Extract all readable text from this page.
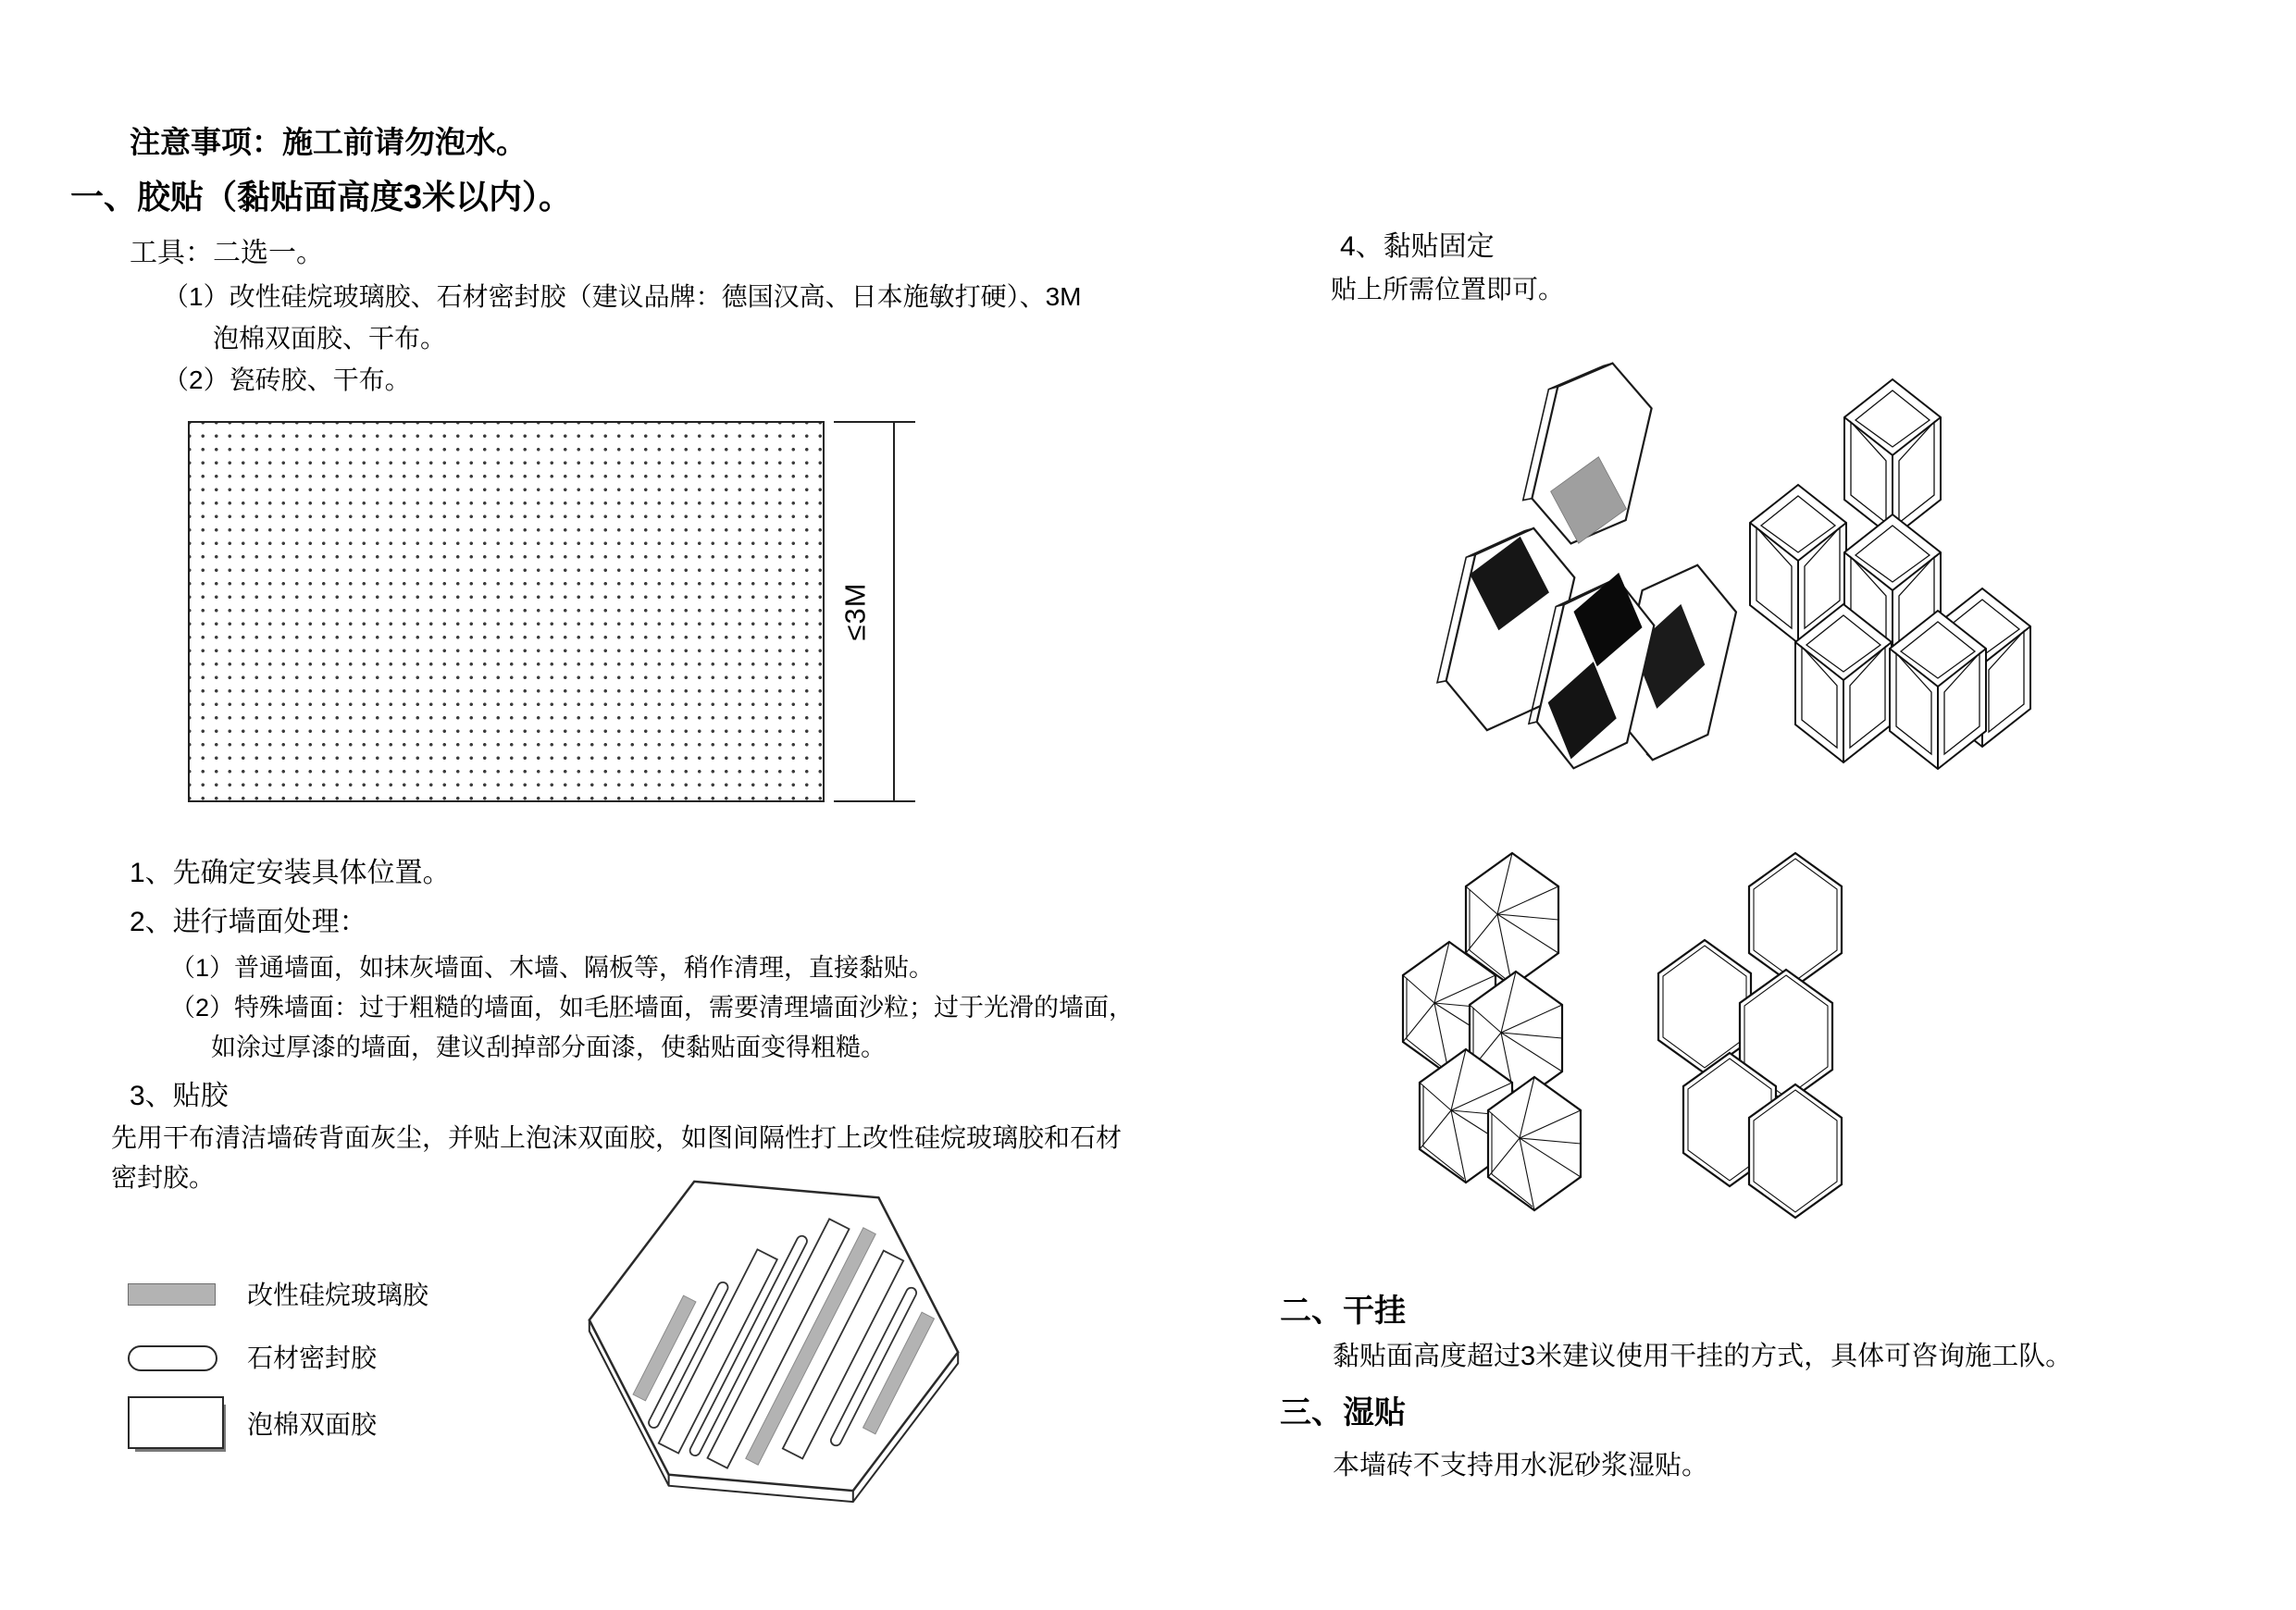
注意事项：施工前请勿泡水。
一、胶贴（黏贴面高度3米以内）。
工具：二选一。
（1）改性硅烷玻璃胶、石材密封胶（建议品牌：德国汉高、日本施敏打硬）、3M
泡棉双面胶、干布。
（2）瓷砖胶、干布。
≤3M
1、先确定安装具体位置。
2、进行墙面处理：
（1）普通墙面，如抹灰墙面、木墙、隔板等，稍作清理，直接黏贴。
（2）特殊墙面：过于粗糙的墙面，如毛胚墙面，需要清理墙面沙粒；过于光滑的墙面，
如涂过厚漆的墙面，建议刮掉部分面漆，使黏贴面变得粗糙。
3、贴胶
先用干布清洁墙砖背面灰尘，并贴上泡沫双面胶，如图间隔性打上改性硅烷玻璃胶和石材
密封胶。
改性硅烷玻璃胶
石材密封胶
泡棉双面胶
4、黏贴固定
贴上所需位置即可。
二、干挂
黏贴面高度超过3米建议使用干挂的方式，具体可咨询施工队。
三、湿贴
本墙砖不支持用水泥砂浆湿贴。
